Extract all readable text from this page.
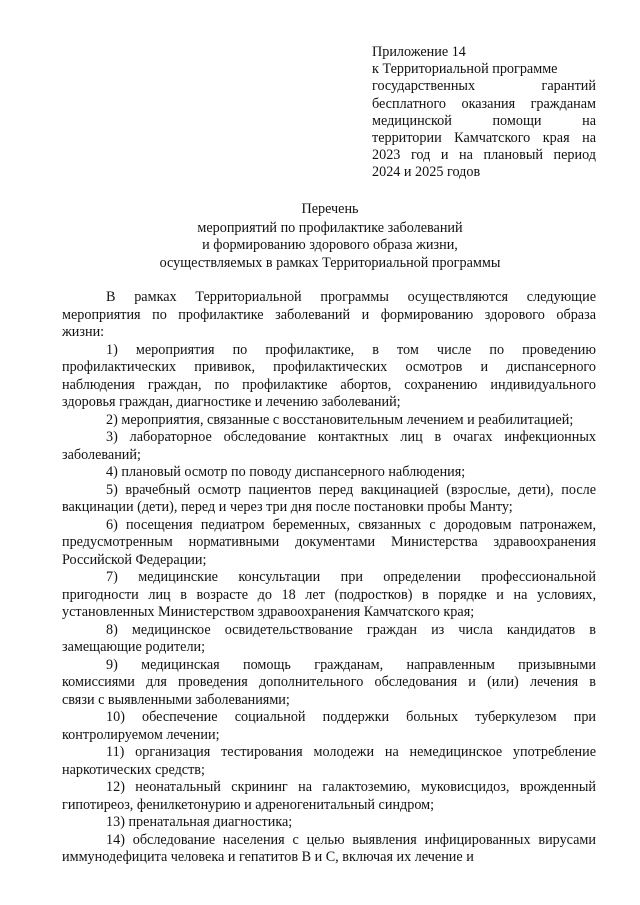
Приложение 14
к Территориальной программе
государственных гарантий
бесплатного оказания гражданам
медицинской помощи на
территории Камчатского края на
2023 год и на плановый период
2024 и 2025 годов
Перечень
мероприятий по профилактике заболеваний
и формированию здорового образа жизни,
осуществляемых в рамках Территориальной программы

В рамках Территориальной программы осуществляются следующие
мероприятия по профилактике заболеваний и формированию здорового образа
жизни:

1) мероприятия по профилактике, в том числе по проведению
профилактических прививок, профилактических осмотров и диспансерного
наблюдения граждан, по профилактике абортов, сохранению индивидуального
здоровья граждан, диагностике и лечению заболеваний;

2) мероприятия, связанные с восстановительным лечением и реабилитацией;

3) лабораторное обследование контактных лиц в очагах инфекционных
заболеваний;

4) плановый осмотр по поводу диспансерного наблюдения;

5) врачебный осмотр пациентов перед вакцинацией (взрослые, дети), после
вакцинации (дети), перед и через три дня после постановки пробы Манту;

6) посещения педиатром беременных, связанных с дородовым патронажем,
предусмотренным нормативными документами Министерства здравоохранения
Российской Федерации;

7) медицинские консультации при определении профессиональной
пригодности лиц в возрасте до 18 лет (подростков) в порядке и на условиях,
установленных Министерством здравоохранения Камчатского края;

8) медицинское освидетельствование граждан из числа кандидатов в
замещающие родители;

9) медицинская помощь гражданам, направленным призывными
комиссиями для проведения дополнительного обследования и (или) лечения в
связи с выявленными заболеваниями;

10) обеспечение социальной поддержки больных туберкулезом при
контролируемом лечении;

11) организация тестирования молодежи на немедицинское употребление
наркотических средств;

12) неонатальный скрининг на галактоземию, муковисцидоз, врожденный
гипотиреоз, фенилкетонурию и адреногенитальный синдром;

13) пренатальная диагностика;

14) обследование населения с целью выявления инфицированных вирусами
иммунодефицита человека и гепатитов B и C, включая их лечение и
